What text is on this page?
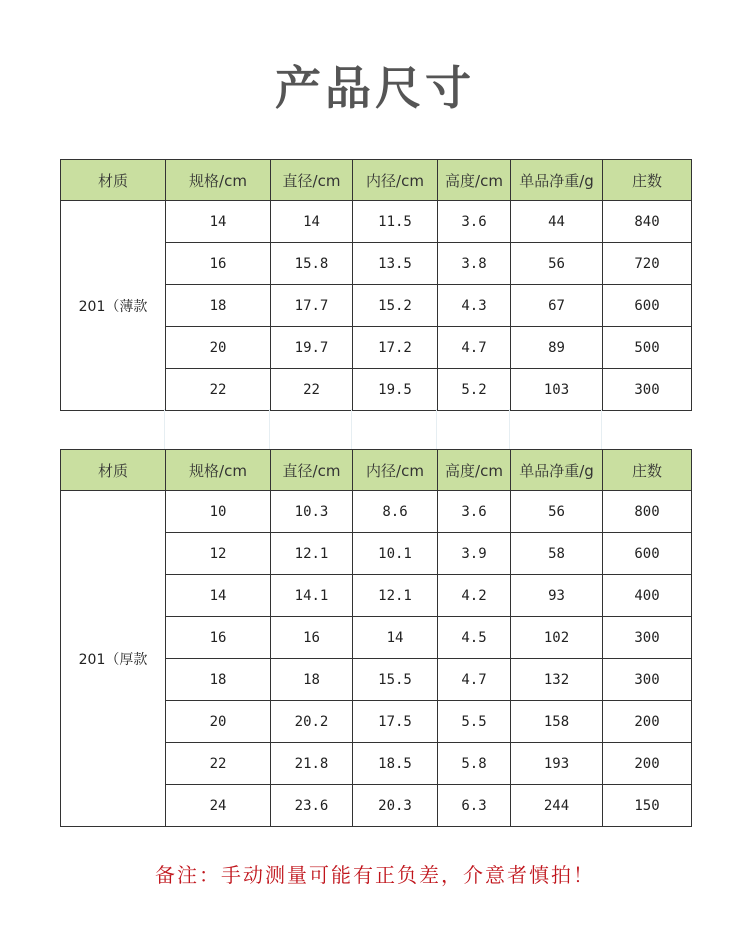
产品尺寸
材质	规格/cm	直径/cm	内径/cm	高度/cm	单品净重/g	庄数
201（薄款	14	14	11.5	3.6	44	840
	16	15.8	13.5	3.8	56	720
	18	17.7	15.2	4.3	67	600
	20	19.7	17.2	4.7	89	500
	22	22	19.5	5.2	103	300
材质	规格/cm	直径/cm	内径/cm	高度/cm	单品净重/g	庄数
201（厚款	10	10.3	8.6	3.6	56	800
	12	12.1	10.1	3.9	58	600
	14	14.1	12.1	4.2	93	400
	16	16	14	4.5	102	300
	18	18	15.5	4.7	132	300
	20	20.2	17.5	5.5	158	200
	22	21.8	18.5	5.8	193	200
	24	23.6	20.3	6.3	244	150
备注：手动测量可能有正负差，介意者慎拍！
